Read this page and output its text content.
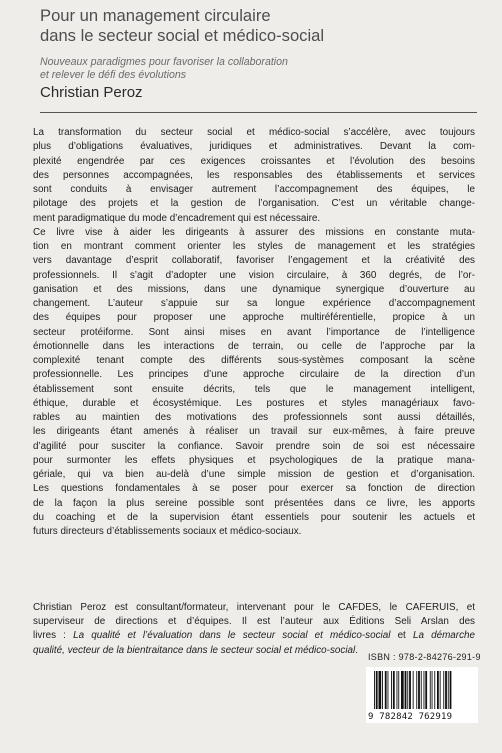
Pour un management circulaire
dans le secteur social et médico-social
Nouveaux paradigmes pour favoriser la collaboration
et relever le défi des évolutions
Christian Peroz
La transformation du secteur social et médico-social s’accélère, avec toujours
plus d’obligations évaluatives, juridiques et administratives. Devant la com-
plexité engendrée par ces exigences croissantes et l’évolution des besoins
des personnes accompagnées, les responsables des établissements et services
sont conduits à envisager autrement l’accompagnement des équipes, le
pilotage des projets et la gestion de l’organisation. C’est un véritable change-
ment paradigmatique du mode d’encadrement qui est nécessaire.
Ce livre vise à aider les dirigeants à assurer des missions en constante muta-
tion en montrant comment orienter les styles de management et les stratégies
vers davantage d’esprit collaboratif, favoriser l’engagement et la créativité des
professionnels. Il s’agit d’adopter une vision circulaire, à 360 degrés, de l’or-
ganisation et des missions, dans une dynamique synergique d’ouverture au
changement. L’auteur s’appuie sur sa longue expérience d’accompagnement
des équipes pour proposer une approche multiréférentielle, propice à un
secteur protéiforme. Sont ainsi mises en avant l’importance de l’intelligence
émotionnelle dans les interactions de terrain, ou celle de l’approche par la
complexité tenant compte des différents sous-systèmes composant la scène
professionnelle. Les principes d’une approche circulaire de la direction d’un
établissement sont ensuite décrits, tels que le management intelligent,
éthique, durable et écosystémique. Les postures et styles managériaux favo-
rables au maintien des motivations des professionnels sont aussi détaillés,
les dirigeants étant amenés à réaliser un travail sur eux-mêmes, à faire preuve
d’agilité pour susciter la confiance. Savoir prendre soin de soi est nécessaire
pour surmonter les effets physiques et psychologiques de la pratique mana-
gériale, qui va bien au-delà d’une simple mission de gestion et d’organisation.
Les questions fondamentales à se poser pour exercer sa fonction de direction
de la façon la plus sereine possible sont présentées dans ce livre, les apports
du coaching et de la supervision étant essentiels pour soutenir les actuels et
futurs directeurs d’établissements sociaux et médico-sociaux.
Christian Peroz est consultant/formateur, intervenant pour le CAFDES, le CAFERUIS, et
superviseur de directions et d’équipes. Il est l’auteur aux Éditions Seli Arslan des
livres : La qualité et l’évaluation dans le secteur social et médico-social et La démarche
qualité, vecteur de la bientraitance dans le secteur social et médico-social.
ISBN : 978-2-84276-291-9
9 782842 762919
